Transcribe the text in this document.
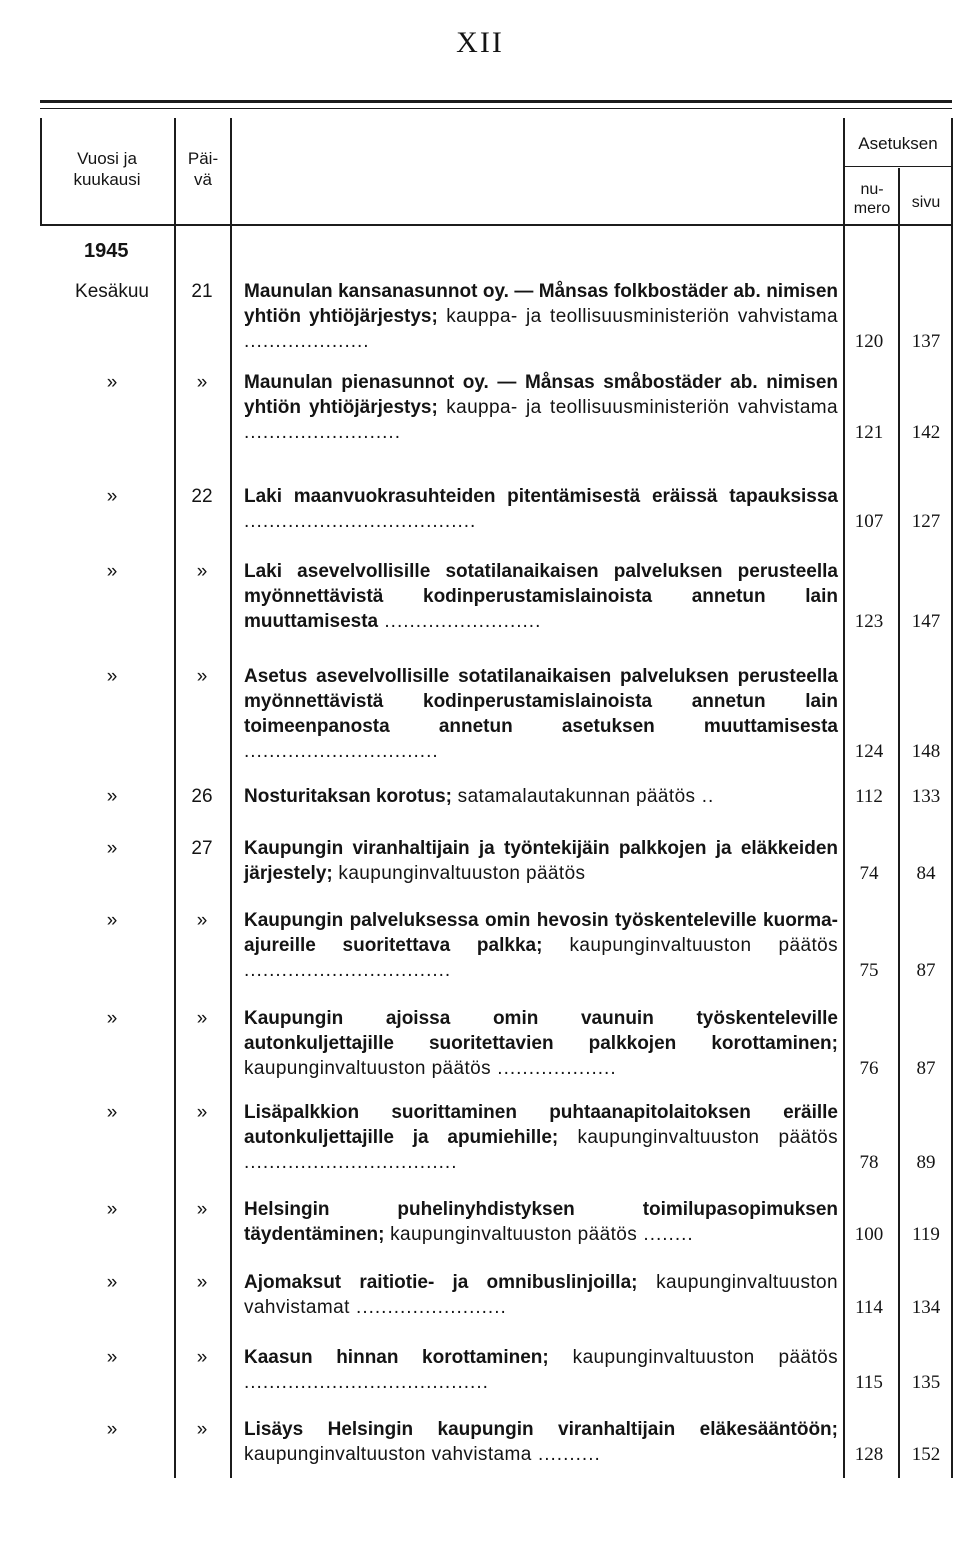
XII
Vuosi ja kuukausi
Päi- vä
Asetuksen
nu- mero	sivu
1945
Kesäkuu	21	Maunulan kansanasunnot oy. — Månsas folkbostäder ab. nimisen yhtiön yhtiöjärjestys; kauppa- ja teollisuusministeriön vahvistama ....................	120	137
»	»	Maunulan pienasunnot oy. — Månsas småbostäder ab. nimisen yhtiön yhtiöjärjestys; kauppa- ja teollisuusministeriön vahvistama .........................	121	142
»	22	Laki maanvuokrasuhteiden pitentämisestä eräissä tapauksissa .....................................	107	127
»	»	Laki asevelvollisille sotatilanaikaisen palveluksen perusteella myönnettävistä kodinperustamislainoista annetun lain muuttamisesta .........................	123	147
»	»	Asetus asevelvollisille sotatilanaikaisen palveluksen perusteella myönnettävistä kodinperustamislainoista annetun lain toimeenpanosta annetun asetuksen muuttamisesta ...............................	124	148
»	26	Nosturitaksan korotus; satamalautakunnan päätös ..	112	133
»	27	Kaupungin viranhaltijain ja työntekijäin palkkojen ja eläkkeiden järjestely; kaupunginvaltuuston päätös	74	84
»	»	Kaupungin palveluksessa omin hevosin työskenteleville kuorma-ajureille suoritettava palkka; kaupunginvaltuuston päätös .................................	75	87
»	»	Kaupungin ajoissa omin vaunuin työskenteleville autonkuljettajille suoritettavien palkkojen korottaminen; kaupunginvaltuuston päätös ...................	76	87
»	»	Lisäpalkkion suorittaminen puhtaanapitolaitoksen eräille autonkuljettajille ja apumiehille; kaupunginvaltuuston päätös ..................................	78	89
»	»	Helsingin puhelinyhdistyksen toimilupasopimuksen täydentäminen; kaupunginvaltuuston päätös ........	100	119
»	»	Ajomaksut raitiotie- ja omnibuslinjoilla; kaupunginvaltuuston vahvistamat ........................	114	134
»	»	Kaasun hinnan korottaminen; kaupunginvaltuuston päätös .......................................	115	135
»	»	Lisäys Helsingin kaupungin viranhaltijain eläkesääntöön; kaupunginvaltuuston vahvistama ..........	128	152
